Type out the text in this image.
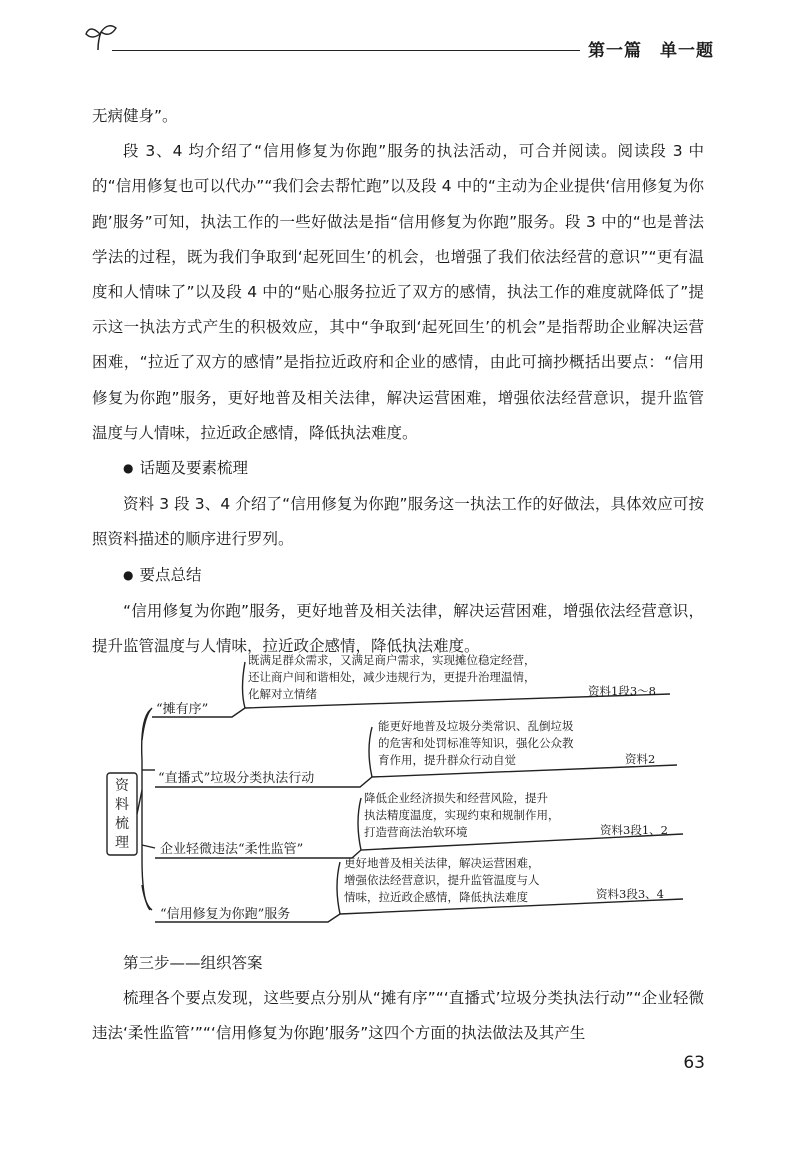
第一篇　单一题

无病健身”。

段 3、4 均介绍了“信用修复为你跑”服务的执法活动，可合并阅读。阅读段 3 中的“信用修复也可以代办”“我们会去帮忙跑”以及段 4 中的“主动为企业提供‘信用修复为你跑’服务”可知，执法工作的一些好做法是指“信用修复为你跑”服务。段 3 中的“也是普法学法的过程，既为我们争取到‘起死回生’的机会，也增强了我们依法经营的意识”“更有温度和人情味了”以及段 4 中的“贴心服务拉近了双方的感情，执法工作的难度就降低了”提示这一执法方式产生的积极效应，其中“争取到‘起死回生’的机会”是指帮助企业解决运营困难，“拉近了双方的感情”是指拉近政府和企业的感情，由此可摘抄概括出要点：“信用修复为你跑”服务，更好地普及相关法律，解决运营困难，增强依法经营意识，提升监管温度与人情味，拉近政企感情，降低执法难度。

● 话题及要素梳理

资料 3 段 3、4 介绍了“信用修复为你跑”服务这一执法工作的好做法，具体效应可按照资料描述的顺序进行罗列。

● 要点总结

“信用修复为你跑”服务，更好地普及相关法律，解决运营困难，增强依法经营意识，提升监管温度与人情味，拉近政企感情，降低执法难度。

资
料
梳
理
“摊有序”
既满足群众需求，又满足商户需求，实现摊位稳定经营，
还让商户间和谐相处，减少违规行为，更提升治理温情，
化解对立情绪	资料1段3～8
“直播式”垃圾分类执法行动
能更好地普及垃圾分类常识、乱倒垃圾
的危害和处罚标准等知识，强化公众教
育作用，提升群众行动自觉	资料2
企业轻微违法“柔性监管”
降低企业经济损失和经营风险，提升
执法精度温度，实现约束和规制作用，
打造营商法治软环境	资料3段1、2
“信用修复为你跑”服务
更好地普及相关法律，解决运营困难，
增强依法经营意识，提升监管温度与人
情味，拉近政企感情，降低执法难度	资料3段3、4

第三步——组织答案

梳理各个要点发现，这些要点分别从“摊有序”“‘直播式’垃圾分类执法行动”“企业轻微违法‘柔性监管’”“‘信用修复为你跑’服务”这四个方面的执法做法及其产生

63
